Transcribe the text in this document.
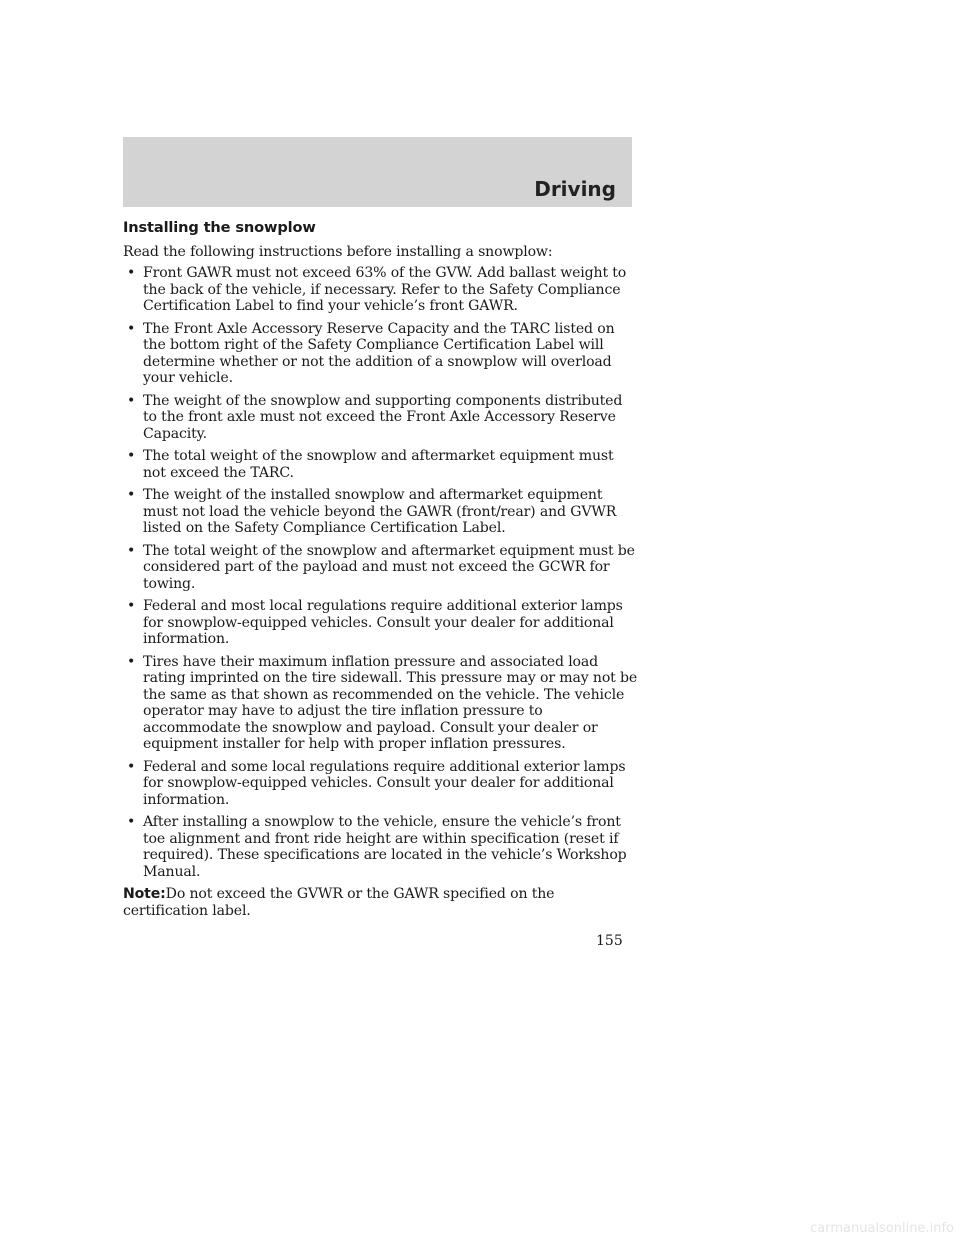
Driving
Installing the snowplow

Read the following instructions before installing a snowplow:

• Front GAWR must not exceed 63% of the GVW. Add ballast weight to the back of the vehicle, if necessary. Refer to the Safety Compliance Certification Label to find your vehicle’s front GAWR.
• The Front Axle Accessory Reserve Capacity and the TARC listed on the bottom right of the Safety Compliance Certification Label will determine whether or not the addition of a snowplow will overload your vehicle.
• The weight of the snowplow and supporting components distributed to the front axle must not exceed the Front Axle Accessory Reserve Capacity.
• The total weight of the snowplow and aftermarket equipment must not exceed the TARC.
• The weight of the installed snowplow and aftermarket equipment must not load the vehicle beyond the GAWR (front/rear) and GVWR listed on the Safety Compliance Certification Label.
• The total weight of the snowplow and aftermarket equipment must be considered part of the payload and must not exceed the GCWR for towing.
• Federal and most local regulations require additional exterior lamps for snowplow-equipped vehicles. Consult your dealer for additional information.
• Tires have their maximum inflation pressure and associated load rating imprinted on the tire sidewall. This pressure may or may not be the same as that shown as recommended on the vehicle. The vehicle operator may have to adjust the tire inflation pressure to accommodate the snowplow and payload. Consult your dealer or equipment installer for help with proper inflation pressures.
• Federal and some local regulations require additional exterior lamps for snowplow-equipped vehicles. Consult your dealer for additional information.
• After installing a snowplow to the vehicle, ensure the vehicle’s front toe alignment and front ride height are within specification (reset if required). These specifications are located in the vehicle’s Workshop Manual.

Note:Do not exceed the GVWR or the GAWR specified on the certification label.

155
carmanualsonline.info
